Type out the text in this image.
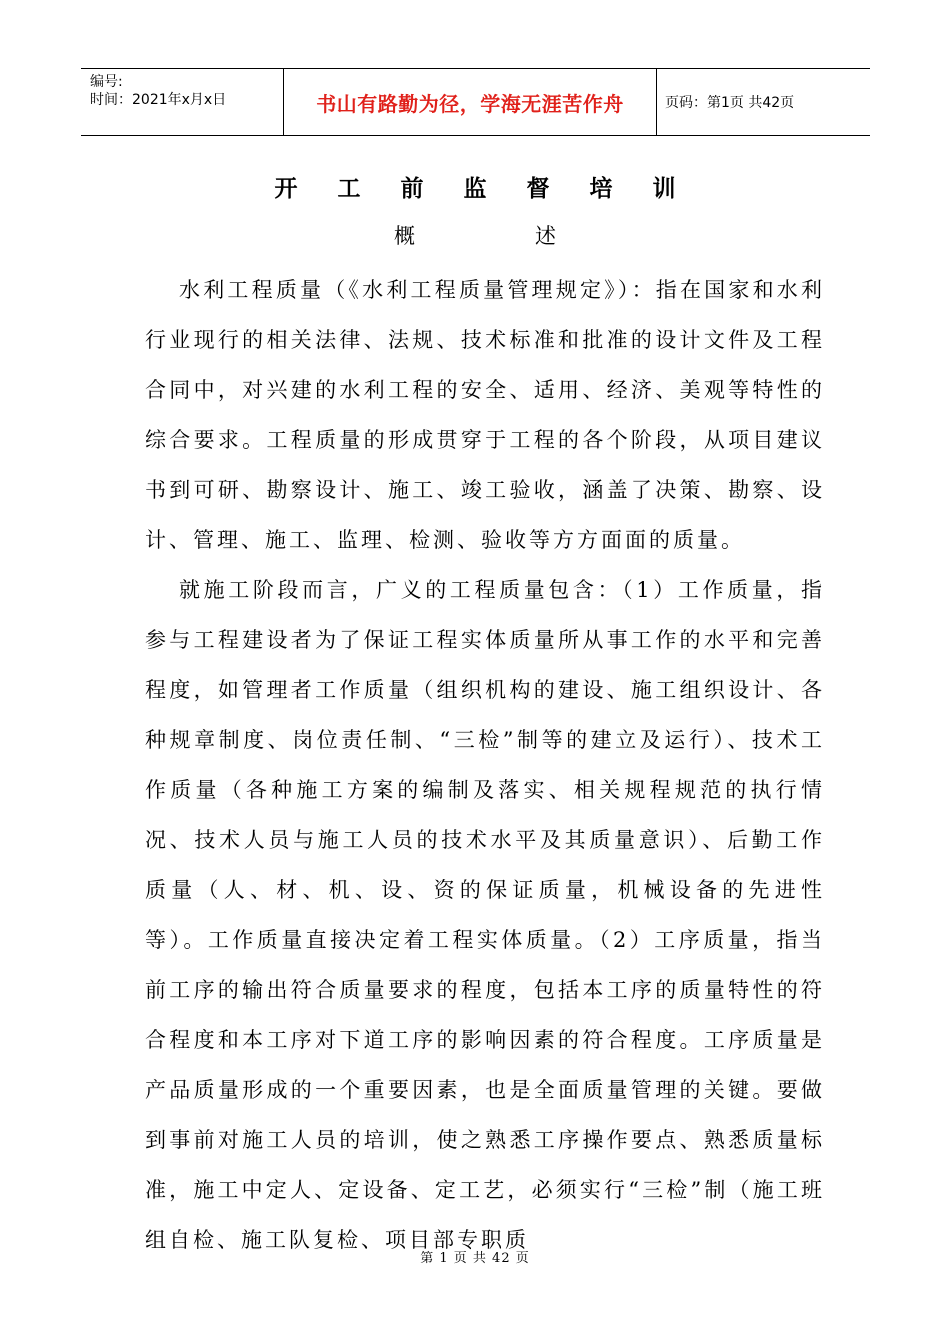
编号:
时间：2021年x月x日	书山有路勤为径，学海无涯苦作舟	页码：第1页 共42页
开工前监督培训
概述

水利工程质量（《水利工程质量管理规定》）：指在国家和水利行业现行的相关法律、法规、技术标准和批准的设计文件及工程合同中，对兴建的水利工程的安全、适用、经济、美观等特性的综合要求。工程质量的形成贯穿于工程的各个阶段，从项目建议书到可研、勘察设计、施工、竣工验收，涵盖了决策、勘察、设计、管理、施工、监理、检测、验收等方方面面的质量。

就施工阶段而言，广义的工程质量包含：（1）工作质量，指参与工程建设者为了保证工程实体质量所从事工作的水平和完善程度，如管理者工作质量（组织机构的建设、施工组织设计、各种规章制度、岗位责任制、“三检”制等的建立及运行）、技术工作质量（各种施工方案的编制及落实、相关规程规范的执行情况、技术人员与施工人员的技术水平及其质量意识）、后勤工作质量（人、材、机、设、资的保证质量，机械设备的先进性等）。工作质量直接决定着工程实体质量。（2）工序质量，指当前工序的输出符合质量要求的程度，包括本工序的质量特性的符合程度和本工序对下道工序的影响因素的符合程度。工序质量是产品质量形成的一个重要因素，也是全面质量管理的关键。要做到事前对施工人员的培训，使之熟悉工序操作要点、熟悉质量标准，施工中定人、定设备、定工艺，必须实行“三检”制（施工班组自检、施工队复检、项目部专职质

第 1 页 共 42 页
